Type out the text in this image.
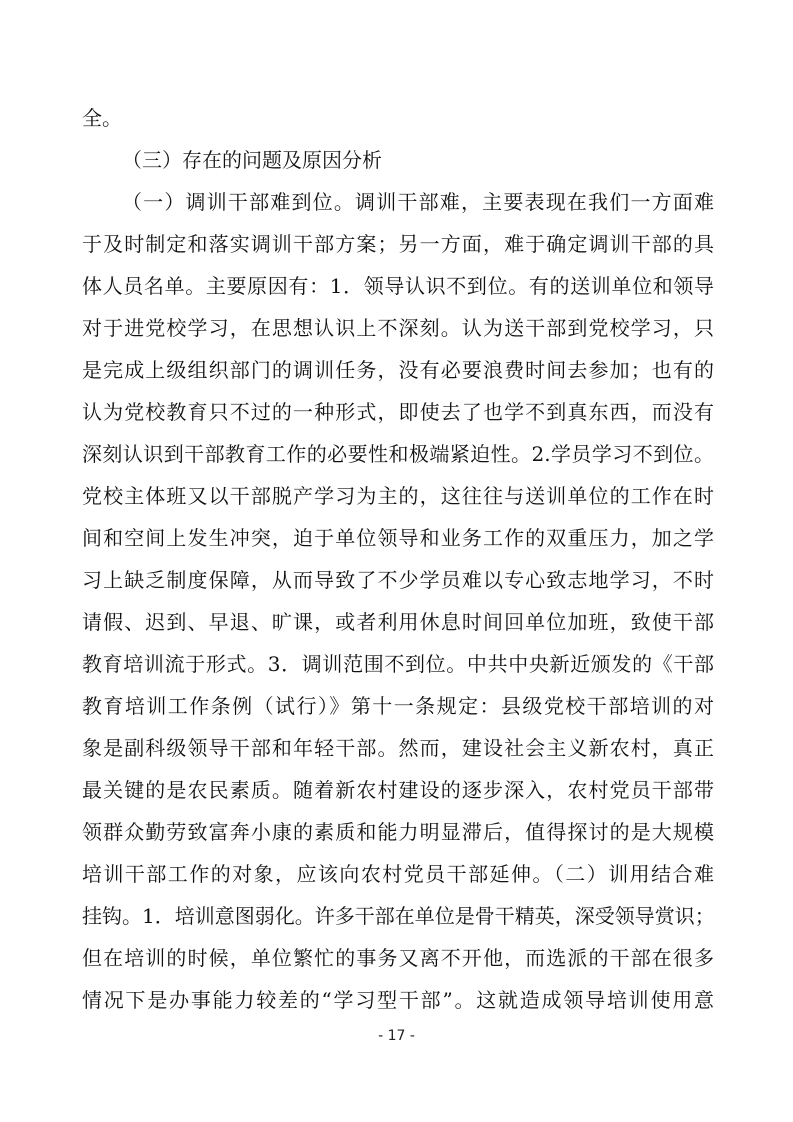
全。
（三）存在的问题及原因分析
（一）调训干部难到位。调训干部难，主要表现在我们一方面难
于及时制定和落实调训干部方案；另一方面，难于确定调训干部的具
体人员名单。主要原因有：1．领导认识不到位。有的送训单位和领导
对于进党校学习，在思想认识上不深刻。认为送干部到党校学习，只
是完成上级组织部门的调训任务，没有必要浪费时间去参加；也有的
认为党校教育只不过的一种形式，即使去了也学不到真东西，而没有
深刻认识到干部教育工作的必要性和极端紧迫性。2.学员学习不到位。
党校主体班又以干部脱产学习为主的，这往往与送训单位的工作在时
间和空间上发生冲突，迫于单位领导和业务工作的双重压力，加之学
习上缺乏制度保障，从而导致了不少学员难以专心致志地学习，不时
请假、迟到、早退、旷课，或者利用休息时间回单位加班，致使干部
教育培训流于形式。3．调训范围不到位。中共中央新近颁发的《干部
教育培训工作条例（试行）》第十一条规定：县级党校干部培训的对
象是副科级领导干部和年轻干部。然而，建设社会主义新农村，真正
最关键的是农民素质。随着新农村建设的逐步深入，农村党员干部带
领群众勤劳致富奔小康的素质和能力明显滞后，值得探讨的是大规模
培训干部工作的对象，应该向农村党员干部延伸。（二）训用结合难
挂钩。1．培训意图弱化。许多干部在单位是骨干精英，深受领导赏识；
但在培训的时候，单位繁忙的事务又离不开他，而选派的干部在很多
情况下是办事能力较差的“学习型干部”。这就造成领导培训使用意
- 17 -
